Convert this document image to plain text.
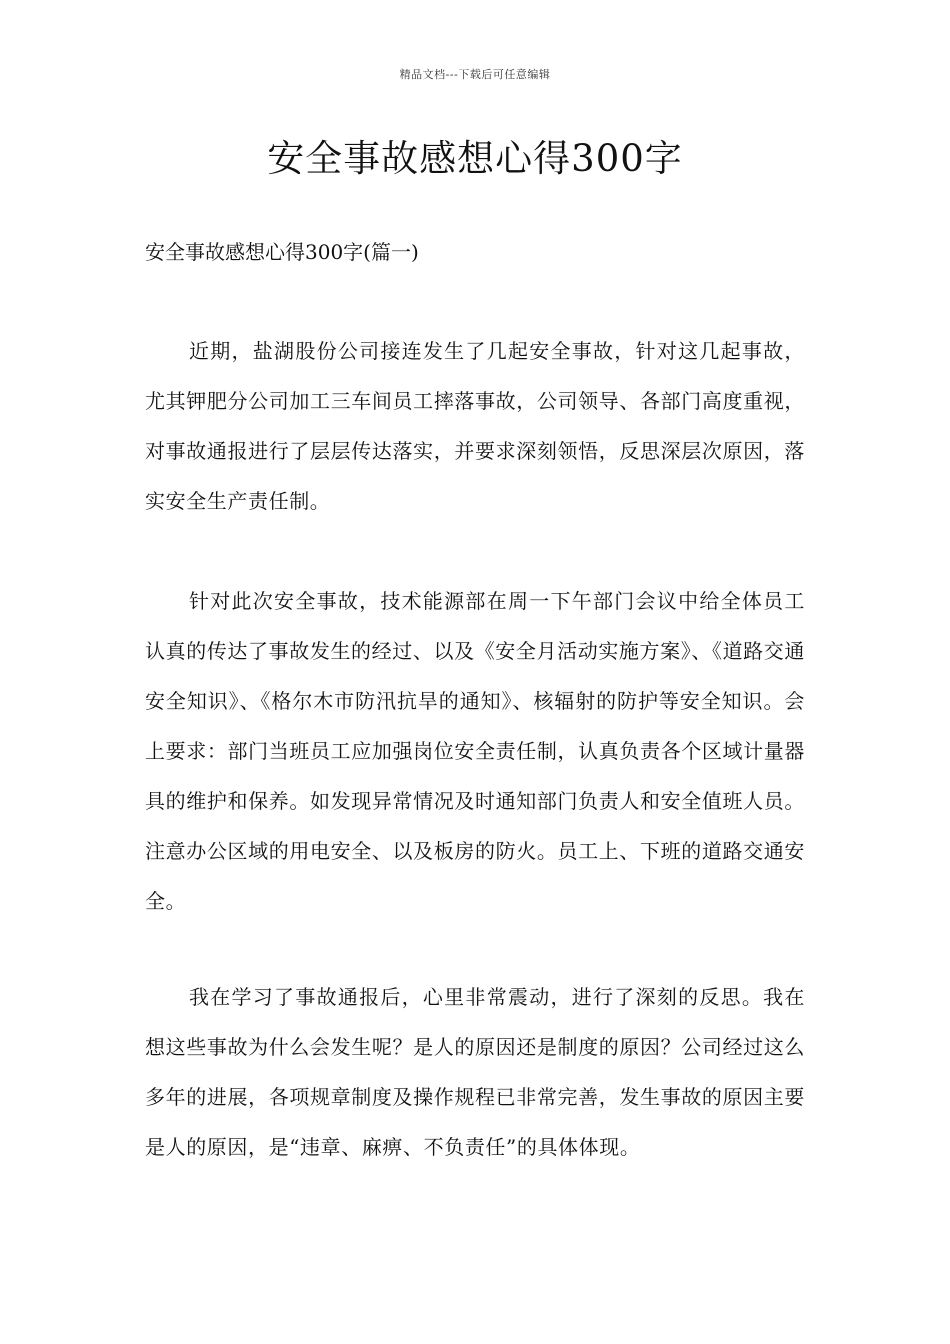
精品文档---下载后可任意编辑
安全事故感想心得300字

安全事故感想心得300字(篇一)

近期，盐湖股份公司接连发生了几起安全事故，针对这几起事故，尤其钾肥分公司加工三车间员工摔落事故，公司领导、各部门高度重视，对事故通报进行了层层传达落实，并要求深刻领悟，反思深层次原因，落实安全生产责任制。

针对此次安全事故，技术能源部在周一下午部门会议中给全体员工认真的传达了事故发生的经过、以及《安全月活动实施方案》、《道路交通安全知识》、《格尔木市防汛抗旱的通知》、核辐射的防护等安全知识。会上要求：部门当班员工应加强岗位安全责任制，认真负责各个区域计量器具的维护和保养。如发现异常情况及时通知部门负责人和安全值班人员。注意办公区域的用电安全、以及板房的防火。员工上、下班的道路交通安全。

我在学习了事故通报后，心里非常震动，进行了深刻的反思。我在想这些事故为什么会发生呢？是人的原因还是制度的原因？公司经过这么多年的进展，各项规章制度及操作规程已非常完善，发生事故的原因主要是人的原因，是“违章、麻痹、不负责任”的具体体现。
